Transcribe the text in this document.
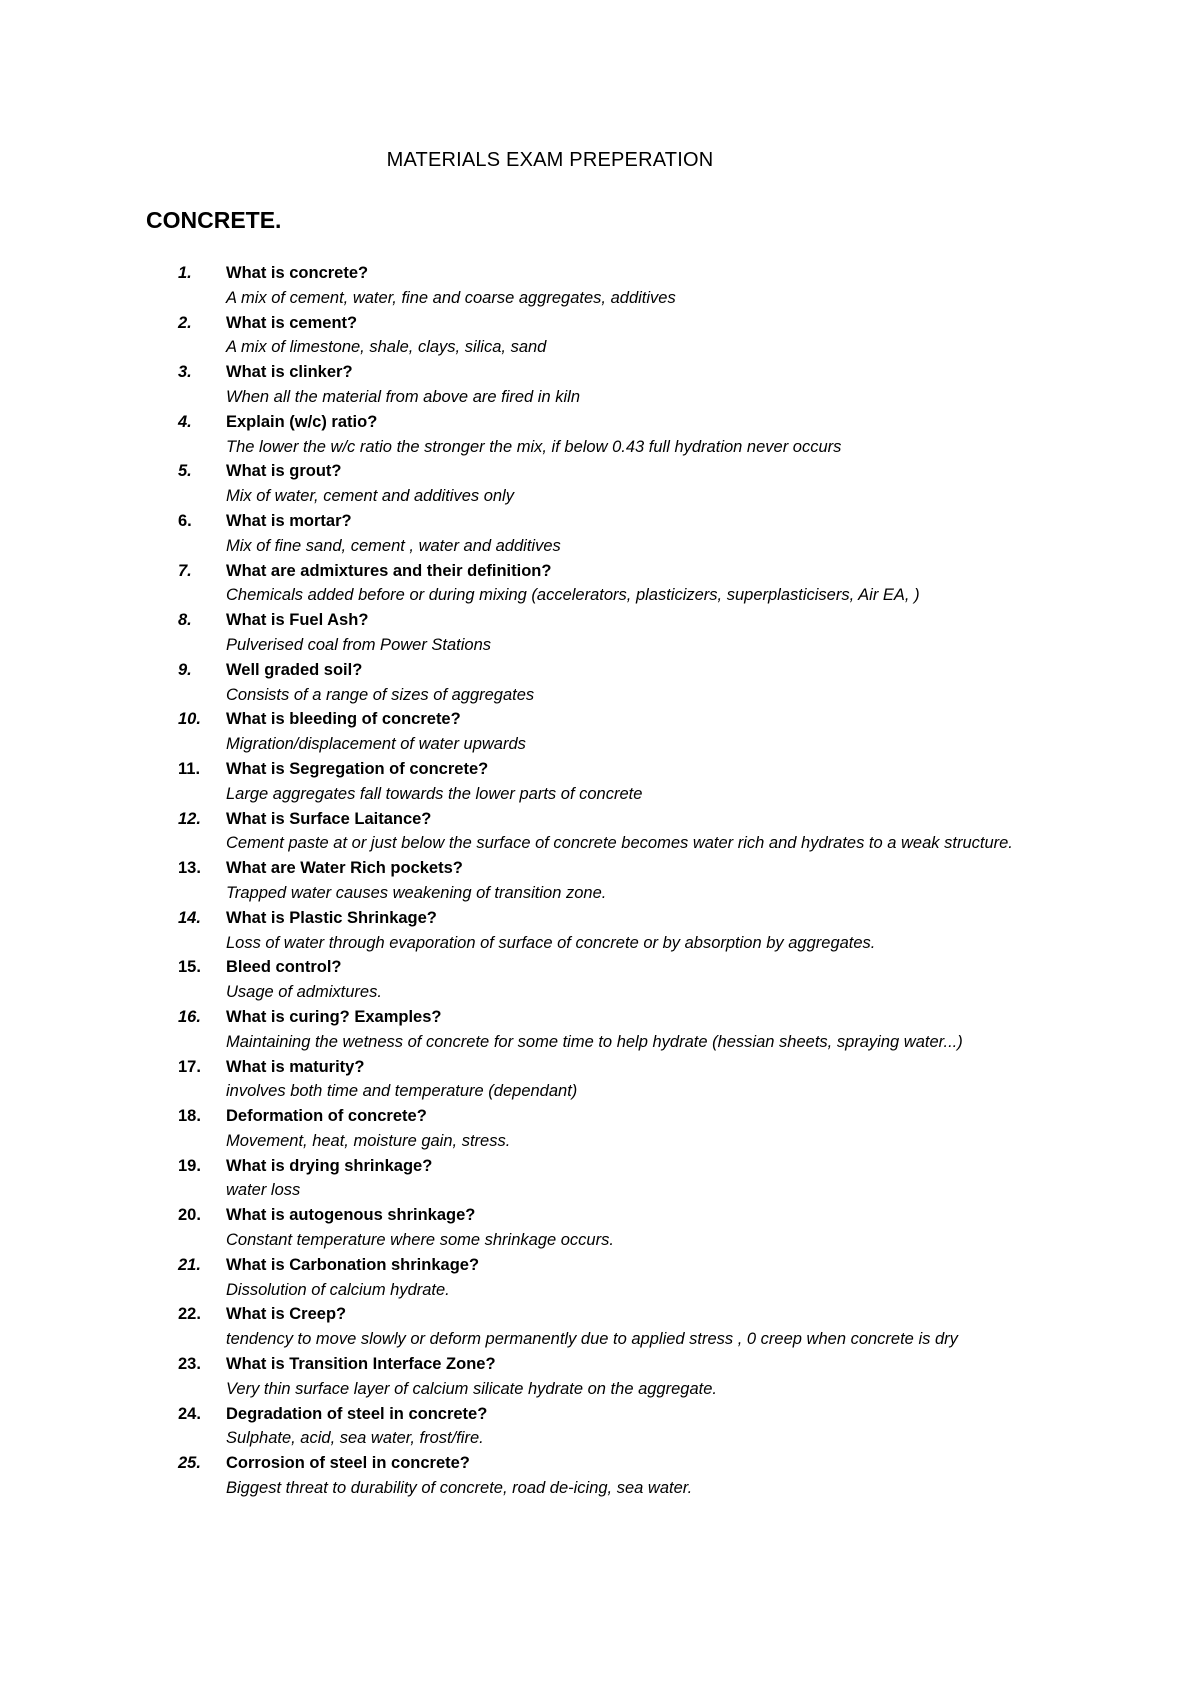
MATERIALS EXAM PREPERATION
CONCRETE.
1.	What is concrete?
A mix of cement, water, fine and coarse aggregates, additives
2.	What is cement?
A mix of limestone, shale, clays, silica, sand
3.	What is clinker?
When all the material from above are fired in kiln
4.	Explain (w/c) ratio?
The lower the w/c ratio the stronger the mix, if below 0.43 full hydration never occurs
5.	What is grout?
Mix of water, cement and additives only
6.	What is mortar?
Mix of fine sand, cement , water and additives
7.	What are admixtures and their definition?
Chemicals added before or during mixing (accelerators, plasticizers, superplasticisers, Air EA, )
8.	What is Fuel Ash?
Pulverised coal from Power Stations
9.	Well graded soil?
Consists of a range of sizes of aggregates
10.	What is bleeding of concrete?
Migration/displacement of water upwards
11.	What is Segregation of concrete?
Large aggregates fall towards the lower parts of concrete
12.	What is Surface Laitance?
Cement paste at or just below the surface of concrete becomes water rich and hydrates to a weak structure.
13.	What are Water Rich pockets?
Trapped water causes weakening of transition zone.
14.	What is Plastic Shrinkage?
Loss of water through evaporation of surface of concrete or by absorption by aggregates.
15.	Bleed control?
Usage of admixtures.
16.	What is curing? Examples?
Maintaining the wetness of concrete for some time to help hydrate (hessian sheets, spraying water...)
17.	What is maturity?
involves both time and temperature (dependant)
18.	Deformation of concrete?
Movement, heat, moisture gain, stress.
19.	What is drying shrinkage?
water loss
20.	What is autogenous shrinkage?
Constant temperature where some shrinkage occurs.
21.	What is Carbonation shrinkage?
Dissolution of calcium hydrate.
22.	What is Creep?
tendency to move slowly or deform permanently due to applied stress , 0 creep when concrete is dry
23.	What is Transition Interface Zone?
Very thin surface layer of calcium silicate hydrate on the aggregate.
24.	Degradation of steel in concrete?
Sulphate, acid, sea water, frost/fire.
25.	Corrosion of steel in concrete?
Biggest threat to durability of concrete, road de-icing, sea water.
